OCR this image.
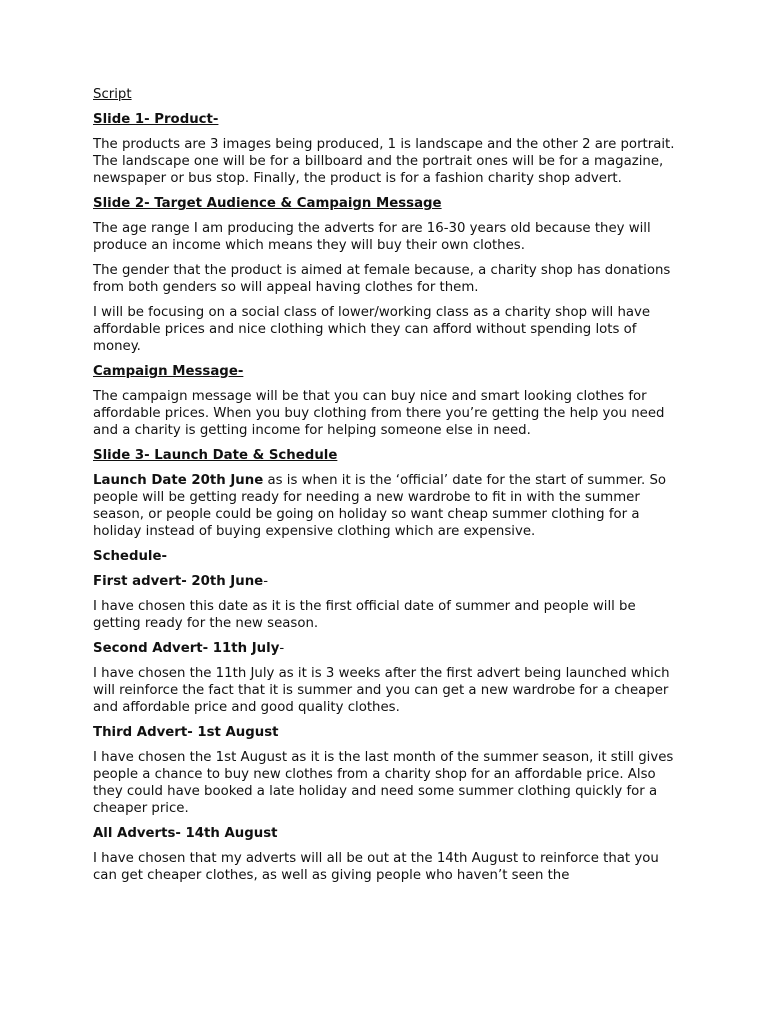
Script
Slide 1- Product-

The products are 3 images being produced, 1 is landscape and the other 2 are portrait. The landscape one will be for a billboard and the portrait ones will be for a magazine, newspaper or bus stop. Finally, the product is for a fashion charity shop advert.

Slide 2- Target Audience & Campaign Message

The age range I am producing the adverts for are 16-30 years old because they will produce an income which means they will buy their own clothes.

The gender that the product is aimed at female because, a charity shop has donations from both genders so will appeal having clothes for them.

I will be focusing on a social class of lower/working class as a charity shop will have affordable prices and nice clothing which they can afford without spending lots of money.

Campaign Message-

The campaign message will be that you can buy nice and smart looking clothes for affordable prices. When you buy clothing from there you’re getting the help you need and a charity is getting income for helping someone else in need.

Slide 3- Launch Date & Schedule

Launch Date 20th June as is when it is the ‘official’ date for the start of summer. So people will be getting ready for needing a new wardrobe to fit in with the summer season, or people could be going on holiday so want cheap summer clothing for a holiday instead of buying expensive clothing which are expensive.

Schedule-

First advert- 20th June-

I have chosen this date as it is the first official date of summer and people will be getting ready for the new season.

Second Advert- 11th July-

I have chosen the 11th July as it is 3 weeks after the first advert being launched which will reinforce the fact that it is summer and you can get a new wardrobe for a cheaper and affordable price and good quality clothes.

Third Advert- 1st August

I have chosen the 1st August as it is the last month of the summer season, it still gives people a chance to buy new clothes from a charity shop for an affordable price. Also they could have booked a late holiday and need some summer clothing quickly for a cheaper price.

All Adverts- 14th August

I have chosen that my adverts will all be out at the 14th August to reinforce that you can get cheaper clothes, as well as giving people who haven’t seen the
